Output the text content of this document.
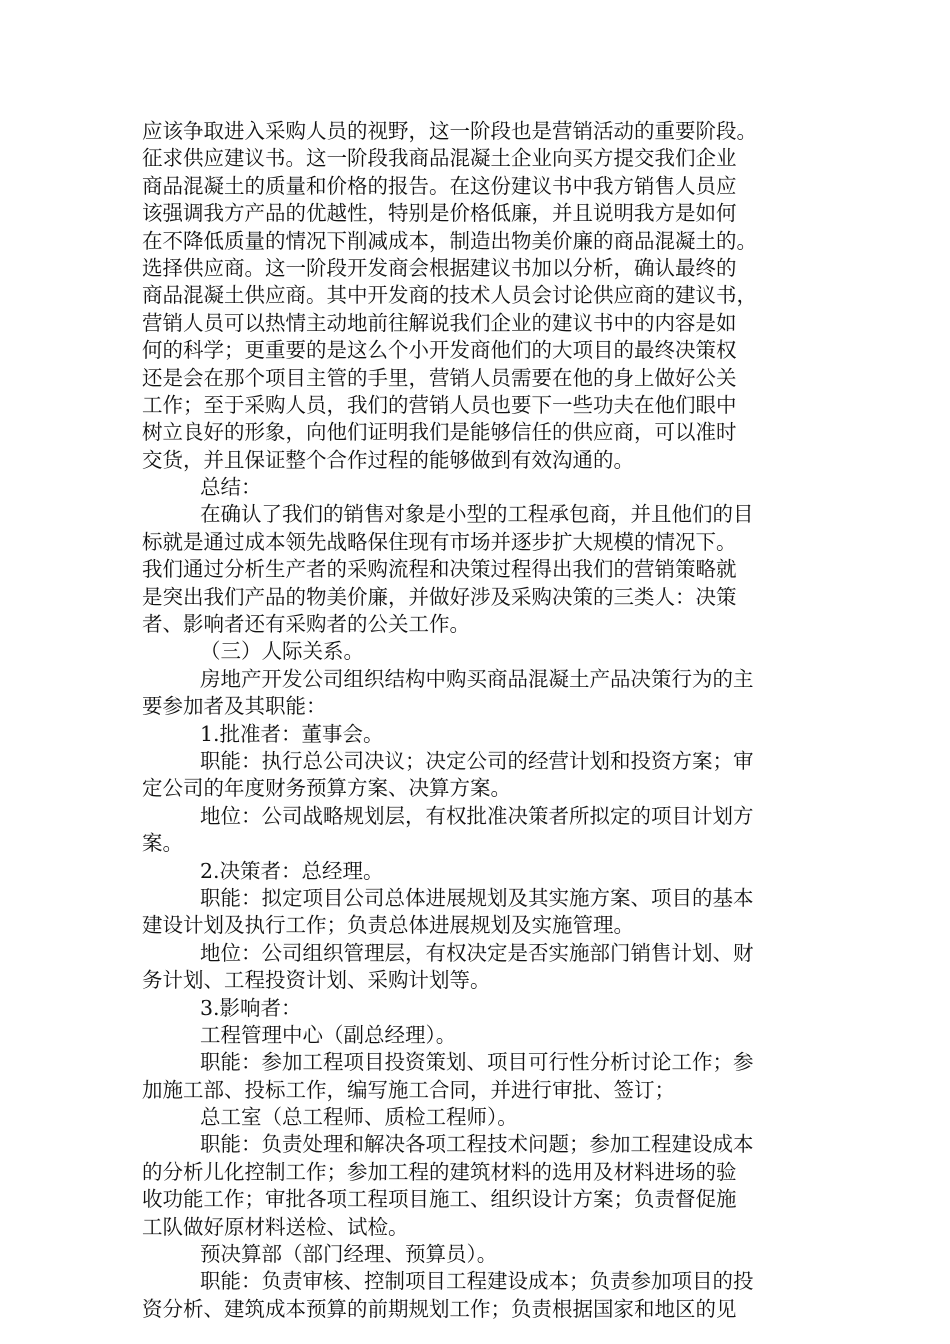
应该争取进入采购人员的视野，这一阶段也是营销活动的重要阶段。
征求供应建议书。这一阶段我商品混凝土企业向买方提交我们企业
商品混凝土的质量和价格的报告。在这份建议书中我方销售人员应
该强调我方产品的优越性，特别是价格低廉，并且说明我方是如何
在不降低质量的情况下削减成本，制造出物美价廉的商品混凝土的。
选择供应商。这一阶段开发商会根据建议书加以分析，确认最终的
商品混凝土供应商。其中开发商的技术人员会讨论供应商的建议书，
营销人员可以热情主动地前往解说我们企业的建议书中的内容是如
何的科学；更重要的是这么个小开发商他们的大项目的最终决策权
还是会在那个项目主管的手里，营销人员需要在他的身上做好公关
工作；至于采购人员，我们的营销人员也要下一些功夫在他们眼中
树立良好的形象，向他们证明我们是能够信任的供应商，可以准时
交货，并且保证整个合作过程的能够做到有效沟通的。
总结：
在确认了我们的销售对象是小型的工程承包商，并且他们的目
标就是通过成本领先战略保住现有市场并逐步扩大规模的情况下。
我们通过分析生产者的采购流程和决策过程得出我们的营销策略就
是突出我们产品的物美价廉，并做好涉及采购决策的三类人：决策
者、影响者还有采购者的公关工作。
（三）人际关系。
房地产开发公司组织结构中购买商品混凝土产品决策行为的主
要参加者及其职能：
1.批准者：董事会。
职能：执行总公司决议；决定公司的经营计划和投资方案；审
定公司的年度财务预算方案、决算方案。
地位：公司战略规划层，有权批准决策者所拟定的项目计划方
案。
2.决策者：总经理。
职能：拟定项目公司总体进展规划及其实施方案、项目的基本
建设计划及执行工作；负责总体进展规划及实施管理。
地位：公司组织管理层，有权决定是否实施部门销售计划、财
务计划、工程投资计划、采购计划等。
3.影响者：
工程管理中心（副总经理）。
职能：参加工程项目投资策划、项目可行性分析讨论工作；参
加施工部、投标工作，编写施工合同，并进行审批、签订；
总工室（总工程师、质检工程师）。
职能：负责处理和解决各项工程技术问题；参加工程建设成本
的分析儿化控制工作；参加工程的建筑材料的选用及材料进场的验
收功能工作；审批各项工程项目施工、组织设计方案；负责督促施
工队做好原材料送检、试检。
预决算部（部门经理、预算员）。
职能：负责审核、控制项目工程建设成本；负责参加项目的投
资分析、建筑成本预算的前期规划工作；负责根据国家和地区的见
